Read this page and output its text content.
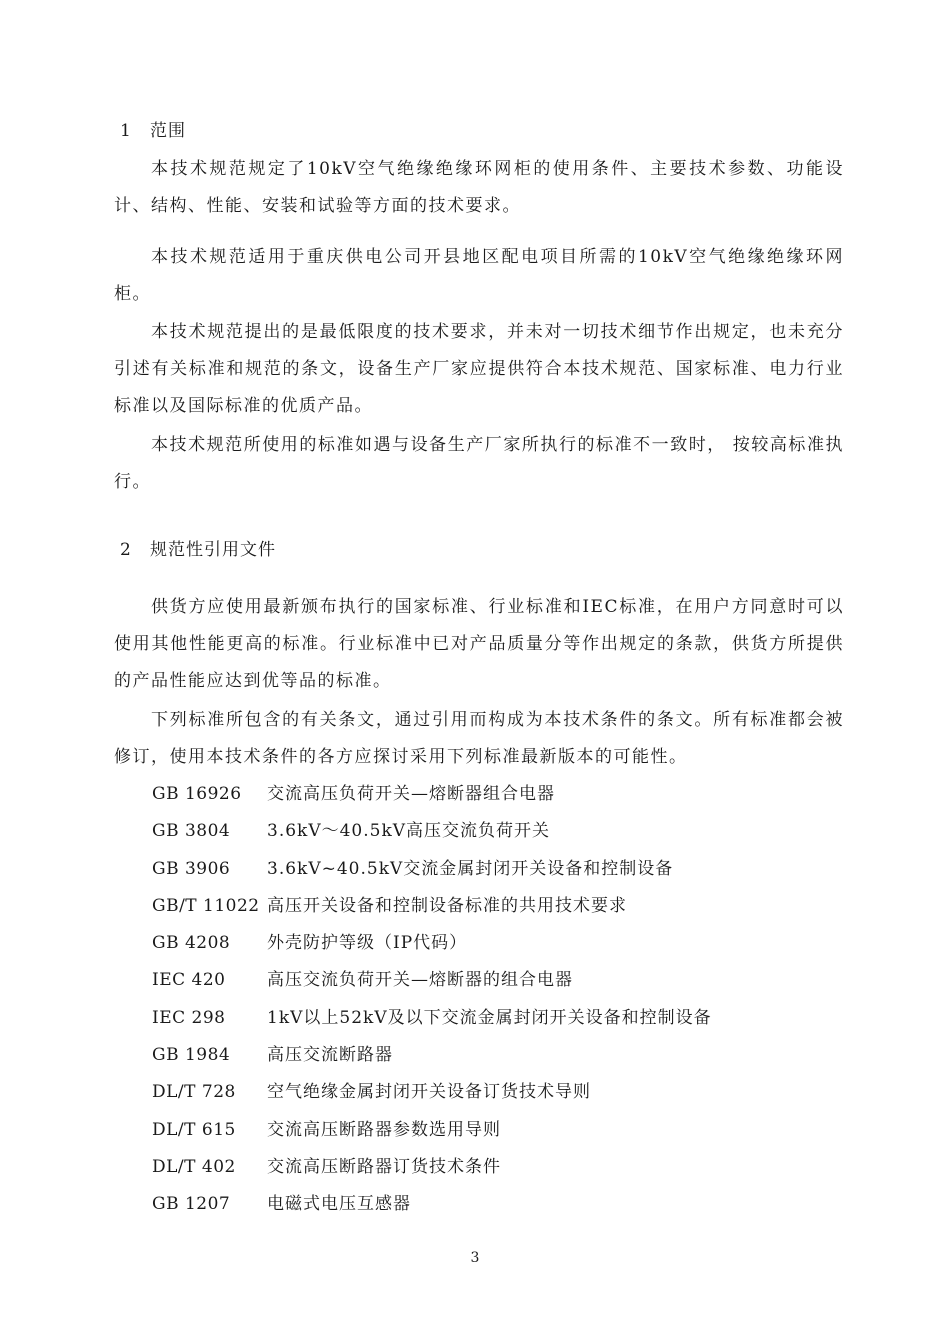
1 范围

本技术规范规定了10kV空气绝缘绝缘环网柜的使用条件、主要技术参数、功能设计、结构、性能、安装和试验等方面的技术要求。

本技术规范适用于重庆供电公司开县地区配电项目所需的10kV空气绝缘绝缘环网柜。

本技术规范提出的是最低限度的技术要求，并未对一切技术细节作出规定，也未充分引述有关标准和规范的条文，设备生产厂家应提供符合本技术规范、国家标准、电力行业标准以及国际标准的优质产品。

本技术规范所使用的标准如遇与设备生产厂家所执行的标准不一致时， 按较高标准执行。

2 规范性引用文件

供货方应使用最新颁布执行的国家标准、行业标准和IEC标准，在用户方同意时可以使用其他性能更高的标准。行业标准中已对产品质量分等作出规定的条款，供货方所提供的产品性能应达到优等品的标准。

下列标准所包含的有关条文，通过引用而构成为本技术条件的条文。所有标准都会被修订，使用本技术条件的各方应探讨采用下列标准最新版本的可能性。

GB 16926 交流高压负荷开关—熔断器组合电器
GB 3804 3.6kV～40.5kV高压交流负荷开关
GB 3906 3.6kV~40.5kV交流金属封闭开关设备和控制设备
GB/T 11022 高压开关设备和控制设备标准的共用技术要求
GB 4208 外壳防护等级（IP代码）
IEC 420 高压交流负荷开关—熔断器的组合电器
IEC 298 1kV以上52kV及以下交流金属封闭开关设备和控制设备
GB 1984 高压交流断路器
DL/T 728 空气绝缘金属封闭开关设备订货技术导则
DL/T 615 交流高压断路器参数选用导则
DL/T 402 交流高压断路器订货技术条件
GB 1207 电磁式电压互感器
3
